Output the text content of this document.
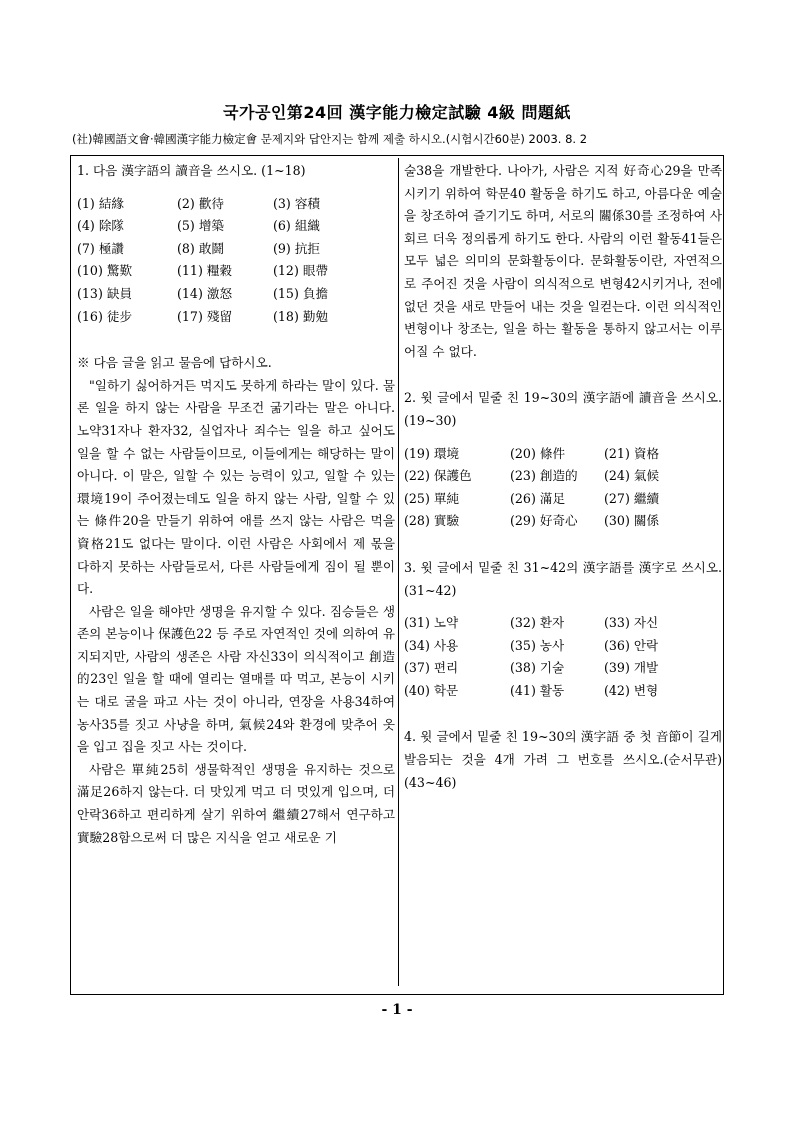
국가공인第24回 漢字能力檢定試驗 4級 問題紙
(社)韓國語文會·韓國漢字能力檢定會 문제지와 답안지는 함께 제출 하시오.(시험시간60분) 2003. 8. 2

1. 다음 漢字語의 讀音을 쓰시오. (1~18)

(1) 結緣	(2) 歡待	(3) 容積
(4) 除隊	(5) 增築	(6) 組織
(7) 極讚	(8) 敢鬪	(9) 抗拒
(10) 驚歎	(11) 糧穀	(12) 眼帶
(13) 缺員	(14) 激怒	(15) 負擔
(16) 徒步	(17) 殘留	(18) 勤勉

※ 다음 글을 읽고 물음에 답하시오.

"일하기 싫어하거든 먹지도 못하게 하라는 말이 있다. 물론 일을 하지 않는 사람을 무조건 굶기라는 말은 아니다. 노약31자나 환자32, 실업자나 죄수는 일을 하고 싶어도 일을 할 수 없는 사람들이므로, 이들에게는 해당하는 말이 아니다. 이 말은, 일할 수 있는 능력이 있고, 일할 수 있는 環境19이 주어졌는데도 일을 하지 않는 사람, 일할 수 있는 條件20을 만들기 위하여 애를 쓰지 않는 사람은 먹을 資格21도 없다는 말이다. 이런 사람은 사회에서 제 몫을 다하지 못하는 사람들로서, 다른 사람들에게 짐이 될 뿐이다.

사람은 일을 해야만 생명을 유지할 수 있다. 짐승들은 생존의 본능이나 保護色22 등 주로 자연적인 것에 의하여 유지되지만, 사람의 생존은 사람 자신33이 의식적이고 創造的23인 일을 할 때에 열리는 열매를 따 먹고, 본능이 시키는 대로 굴을 파고 사는 것이 아니라, 연장을 사용34하여 농사35를 짓고 사냥을 하며, 氣候24와 환경에 맞추어 옷을 입고 집을 짓고 사는 것이다.

사람은 單純25히 생물학적인 생명을 유지하는 것으로 滿足26하지 않는다. 더 맛있게 먹고 더 멋있게 입으며, 더 안락36하고 편리하게 살기 위하여 繼續27해서 연구하고 實驗28함으로써 더 많은 지식을 얻고 새로운 기

술38을 개발한다. 나아가, 사람은 지적 好奇心29을 만족시키기 위하여 학문40 활동을 하기도 하고, 아름다운 예술을 창조하여 즐기기도 하며, 서로의 關係30를 조정하여 사회르 더욱 정의롭게 하기도 한다. 사람의 이런 활동41들은 모두 넓은 의미의 문화활동이다. 문화활동이란, 자연적으로 주어진 것을 사람이 의식적으로 변형42시키거나, 전에 없던 것을 새로 만들어 내는 것을 일컫는다. 이런 의식적인 변형이나 창조는, 일을 하는 활동을 통하지 않고서는 이루어질 수 없다.

2. 윗 글에서 밑줄 친 19~30의 漢字語에 讀音을 쓰시오. (19~30)

(19) 環境	(20) 條件	(21) 資格
(22) 保護色	(23) 創造的	(24) 氣候
(25) 單純	(26) 滿足	(27) 繼續
(28) 實驗	(29) 好奇心	(30) 關係

3. 윗 글에서 밑줄 친 31~42의 漢字語를 漢字로 쓰시오. (31~42)

(31) 노약	(32) 환자	(33) 자신
(34) 사용	(35) 농사	(36) 안락
(37) 편리	(38) 기술	(39) 개발
(40) 학문	(41) 활동	(42) 변형

4. 윗 글에서 밑줄 친 19~30의 漢字語 중 첫 音節이 길게 발음되는 것을 4개 가려 그 번호를 쓰시오.(순서무관) (43~46)

- 1 -
